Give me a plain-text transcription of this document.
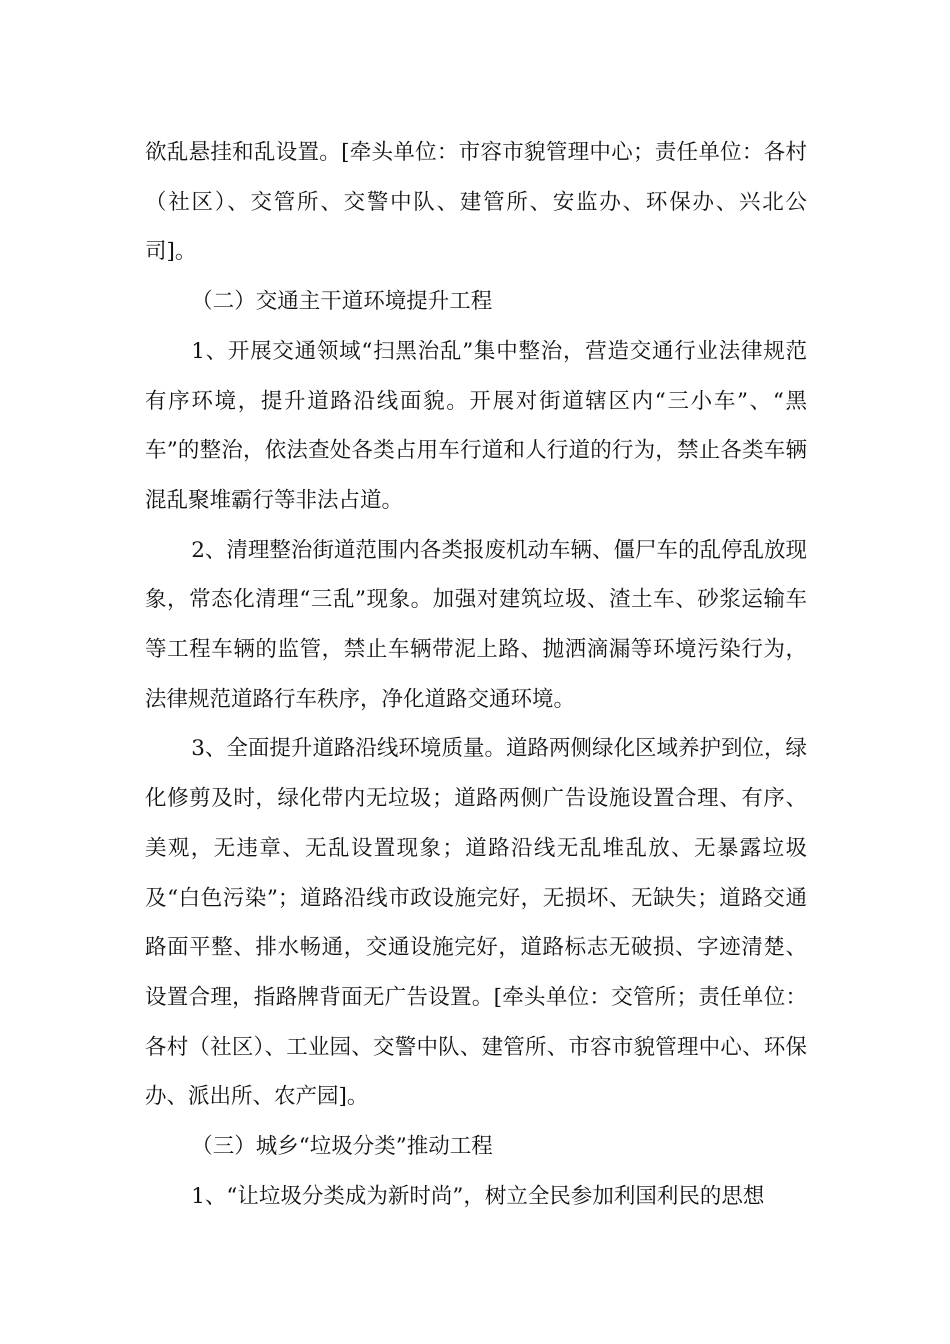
欲乱悬挂和乱设置。[牵头单位：市容市貌管理中心；责任单位：各村（社区）、交管所、交警中队、建管所、安监办、环保办、兴北公司]。

（二）交通主干道环境提升工程

1、开展交通领域“扫黑治乱”集中整治，营造交通行业法律规范有序环境，提升道路沿线面貌。开展对街道辖区内“三小车”、“黑车”的整治，依法查处各类占用车行道和人行道的行为，禁止各类车辆混乱聚堆霸行等非法占道。

2、清理整治街道范围内各类报废机动车辆、僵尸车的乱停乱放现象，常态化清理“三乱”现象。加强对建筑垃圾、渣土车、砂浆运输车等工程车辆的监管，禁止车辆带泥上路、抛洒滴漏等环境污染行为，法律规范道路行车秩序，净化道路交通环境。

3、全面提升道路沿线环境质量。道路两侧绿化区域养护到位，绿化修剪及时，绿化带内无垃圾；道路两侧广告设施设置合理、有序、美观，无违章、无乱设置现象；道路沿线无乱堆乱放、无暴露垃圾及“白色污染”；道路沿线市政设施完好，无损坏、无缺失；道路交通路面平整、排水畅通，交通设施完好，道路标志无破损、字迹清楚、设置合理，指路牌背面无广告设置。[牵头单位：交管所；责任单位：各村（社区）、工业园、交警中队、建管所、市容市貌管理中心、环保办、派出所、农产园]。

（三）城乡“垃圾分类”推动工程

1、“让垃圾分类成为新时尚”，树立全民参加利国利民的思想
